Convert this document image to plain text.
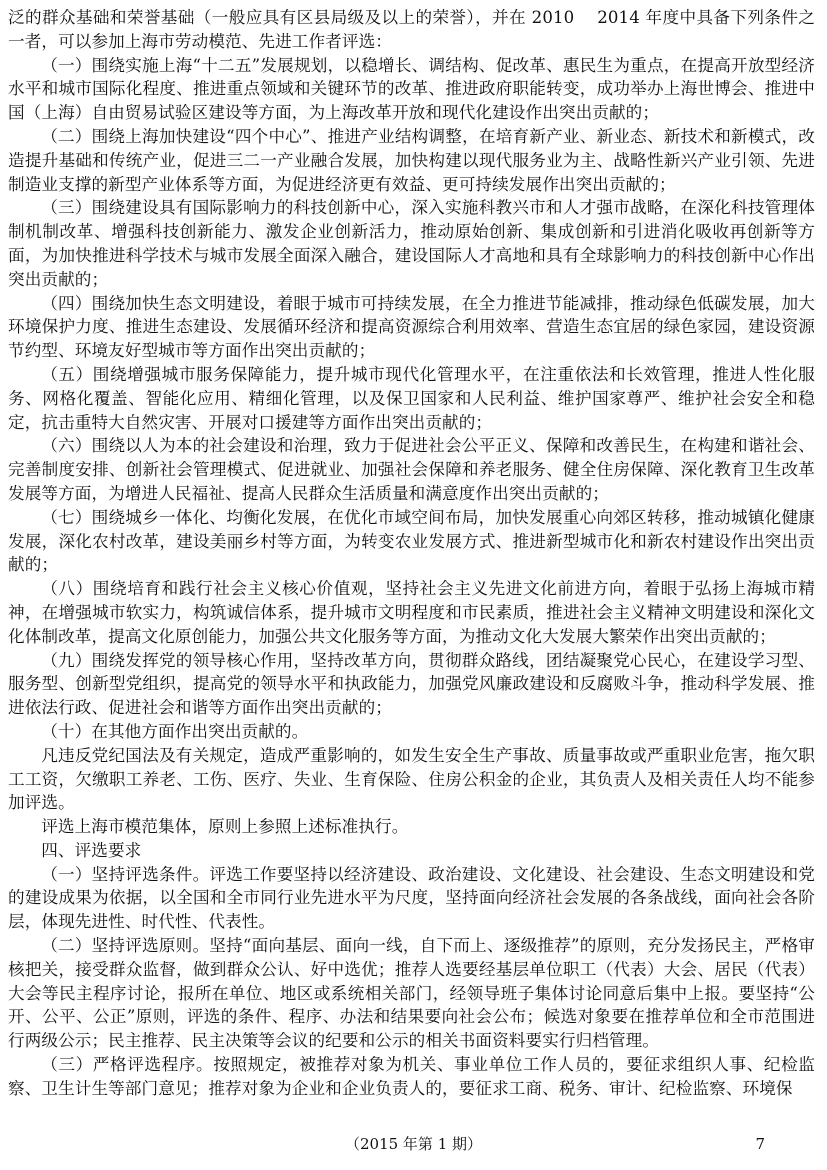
泛的群众基础和荣誉基础（一般应具有区县局级及以上的荣誉），并在 2010　 2014 年度中具备下列条件之一者，可以参加上海市劳动模范、先进工作者评选：

（一）围绕实施上海“十二五”发展规划，以稳增长、调结构、促改革、惠民生为重点，在提高开放型经济水平和城市国际化程度、推进重点领域和关键环节的改革、推进政府职能转变，成功举办上海世博会、推进中国（上海）自由贸易试验区建设等方面，为上海改革开放和现代化建设作出突出贡献的；

（二）围绕上海加快建设“四个中心”、推进产业结构调整，在培育新产业、新业态、新技术和新模式，改造提升基础和传统产业，促进三二一产业融合发展，加快构建以现代服务业为主、战略性新兴产业引领、先进制造业支撑的新型产业体系等方面，为促进经济更有效益、更可持续发展作出突出贡献的；

（三）围绕建设具有国际影响力的科技创新中心，深入实施科教兴市和人才强市战略，在深化科技管理体制机制改革、增强科技创新能力、激发企业创新活力，推动原始创新、集成创新和引进消化吸收再创新等方面，为加快推进科学技术与城市发展全面深入融合，建设国际人才高地和具有全球影响力的科技创新中心作出突出贡献的；

（四）围绕加快生态文明建设，着眼于城市可持续发展，在全力推进节能减排，推动绿色低碳发展，加大环境保护力度、推进生态建设、发展循环经济和提高资源综合利用效率、营造生态宜居的绿色家园，建设资源节约型、环境友好型城市等方面作出突出贡献的；

（五）围绕增强城市服务保障能力，提升城市现代化管理水平，在注重依法和长效管理，推进人性化服务、网格化覆盖、智能化应用、精细化管理，以及保卫国家和人民利益、维护国家尊严、维护社会安全和稳定，抗击重特大自然灾害、开展对口援建等方面作出突出贡献的；

（六）围绕以人为本的社会建设和治理，致力于促进社会公平正义、保障和改善民生，在构建和谐社会、完善制度安排、创新社会管理模式、促进就业、加强社会保障和养老服务、健全住房保障、深化教育卫生改革发展等方面，为增进人民福祉、提高人民群众生活质量和满意度作出突出贡献的；

（七）围绕城乡一体化、均衡化发展，在优化市域空间布局，加快发展重心向郊区转移，推动城镇化健康发展，深化农村改革，建设美丽乡村等方面，为转变农业发展方式、推进新型城市化和新农村建设作出突出贡献的；

（八）围绕培育和践行社会主义核心价值观，坚持社会主义先进文化前进方向，着眼于弘扬上海城市精神，在增强城市软实力，构筑诚信体系，提升城市文明程度和市民素质，推进社会主义精神文明建设和深化文化体制改革，提高文化原创能力，加强公共文化服务等方面，为推动文化大发展大繁荣作出突出贡献的；

（九）围绕发挥党的领导核心作用，坚持改革方向，贯彻群众路线，团结凝聚党心民心，在建设学习型、服务型、创新型党组织，提高党的领导水平和执政能力，加强党风廉政建设和反腐败斗争，推动科学发展、推进依法行政、促进社会和谐等方面作出突出贡献的；

（十）在其他方面作出突出贡献的。

凡违反党纪国法及有关规定，造成严重影响的，如发生安全生产事故、质量事故或严重职业危害，拖欠职工工资，欠缴职工养老、工伤、医疗、失业、生育保险、住房公积金的企业，其负责人及相关责任人均不能参加评选。

评选上海市模范集体，原则上参照上述标准执行。

四、评选要求

（一）坚持评选条件。评选工作要坚持以经济建设、政治建设、文化建设、社会建设、生态文明建设和党的建设成果为依据，以全国和全市同行业先进水平为尺度，坚持面向经济社会发展的各条战线，面向社会各阶层，体现先进性、时代性、代表性。

（二）坚持评选原则。坚持“面向基层、面向一线，自下而上、逐级推荐”的原则，充分发扬民主，严格审核把关，接受群众监督，做到群众公认、好中选优；推荐人选要经基层单位职工（代表）大会、居民（代表）大会等民主程序讨论，报所在单位、地区或系统相关部门，经领导班子集体讨论同意后集中上报。要坚持“公开、公平、公正”原则，评选的条件、程序、办法和结果要向社会公布；候选对象要在推荐单位和全市范围进行两级公示；民主推荐、民主决策等会议的纪要和公示的相关书面资料要实行归档管理。

（三）严格评选程序。按照规定，被推荐对象为机关、事业单位工作人员的，要征求组织人事、纪检监察、卫生计生等部门意见；推荐对象为企业和企业负责人的，要征求工商、税务、审计、纪检监察、环境保

（2015 年第 1 期）	7
